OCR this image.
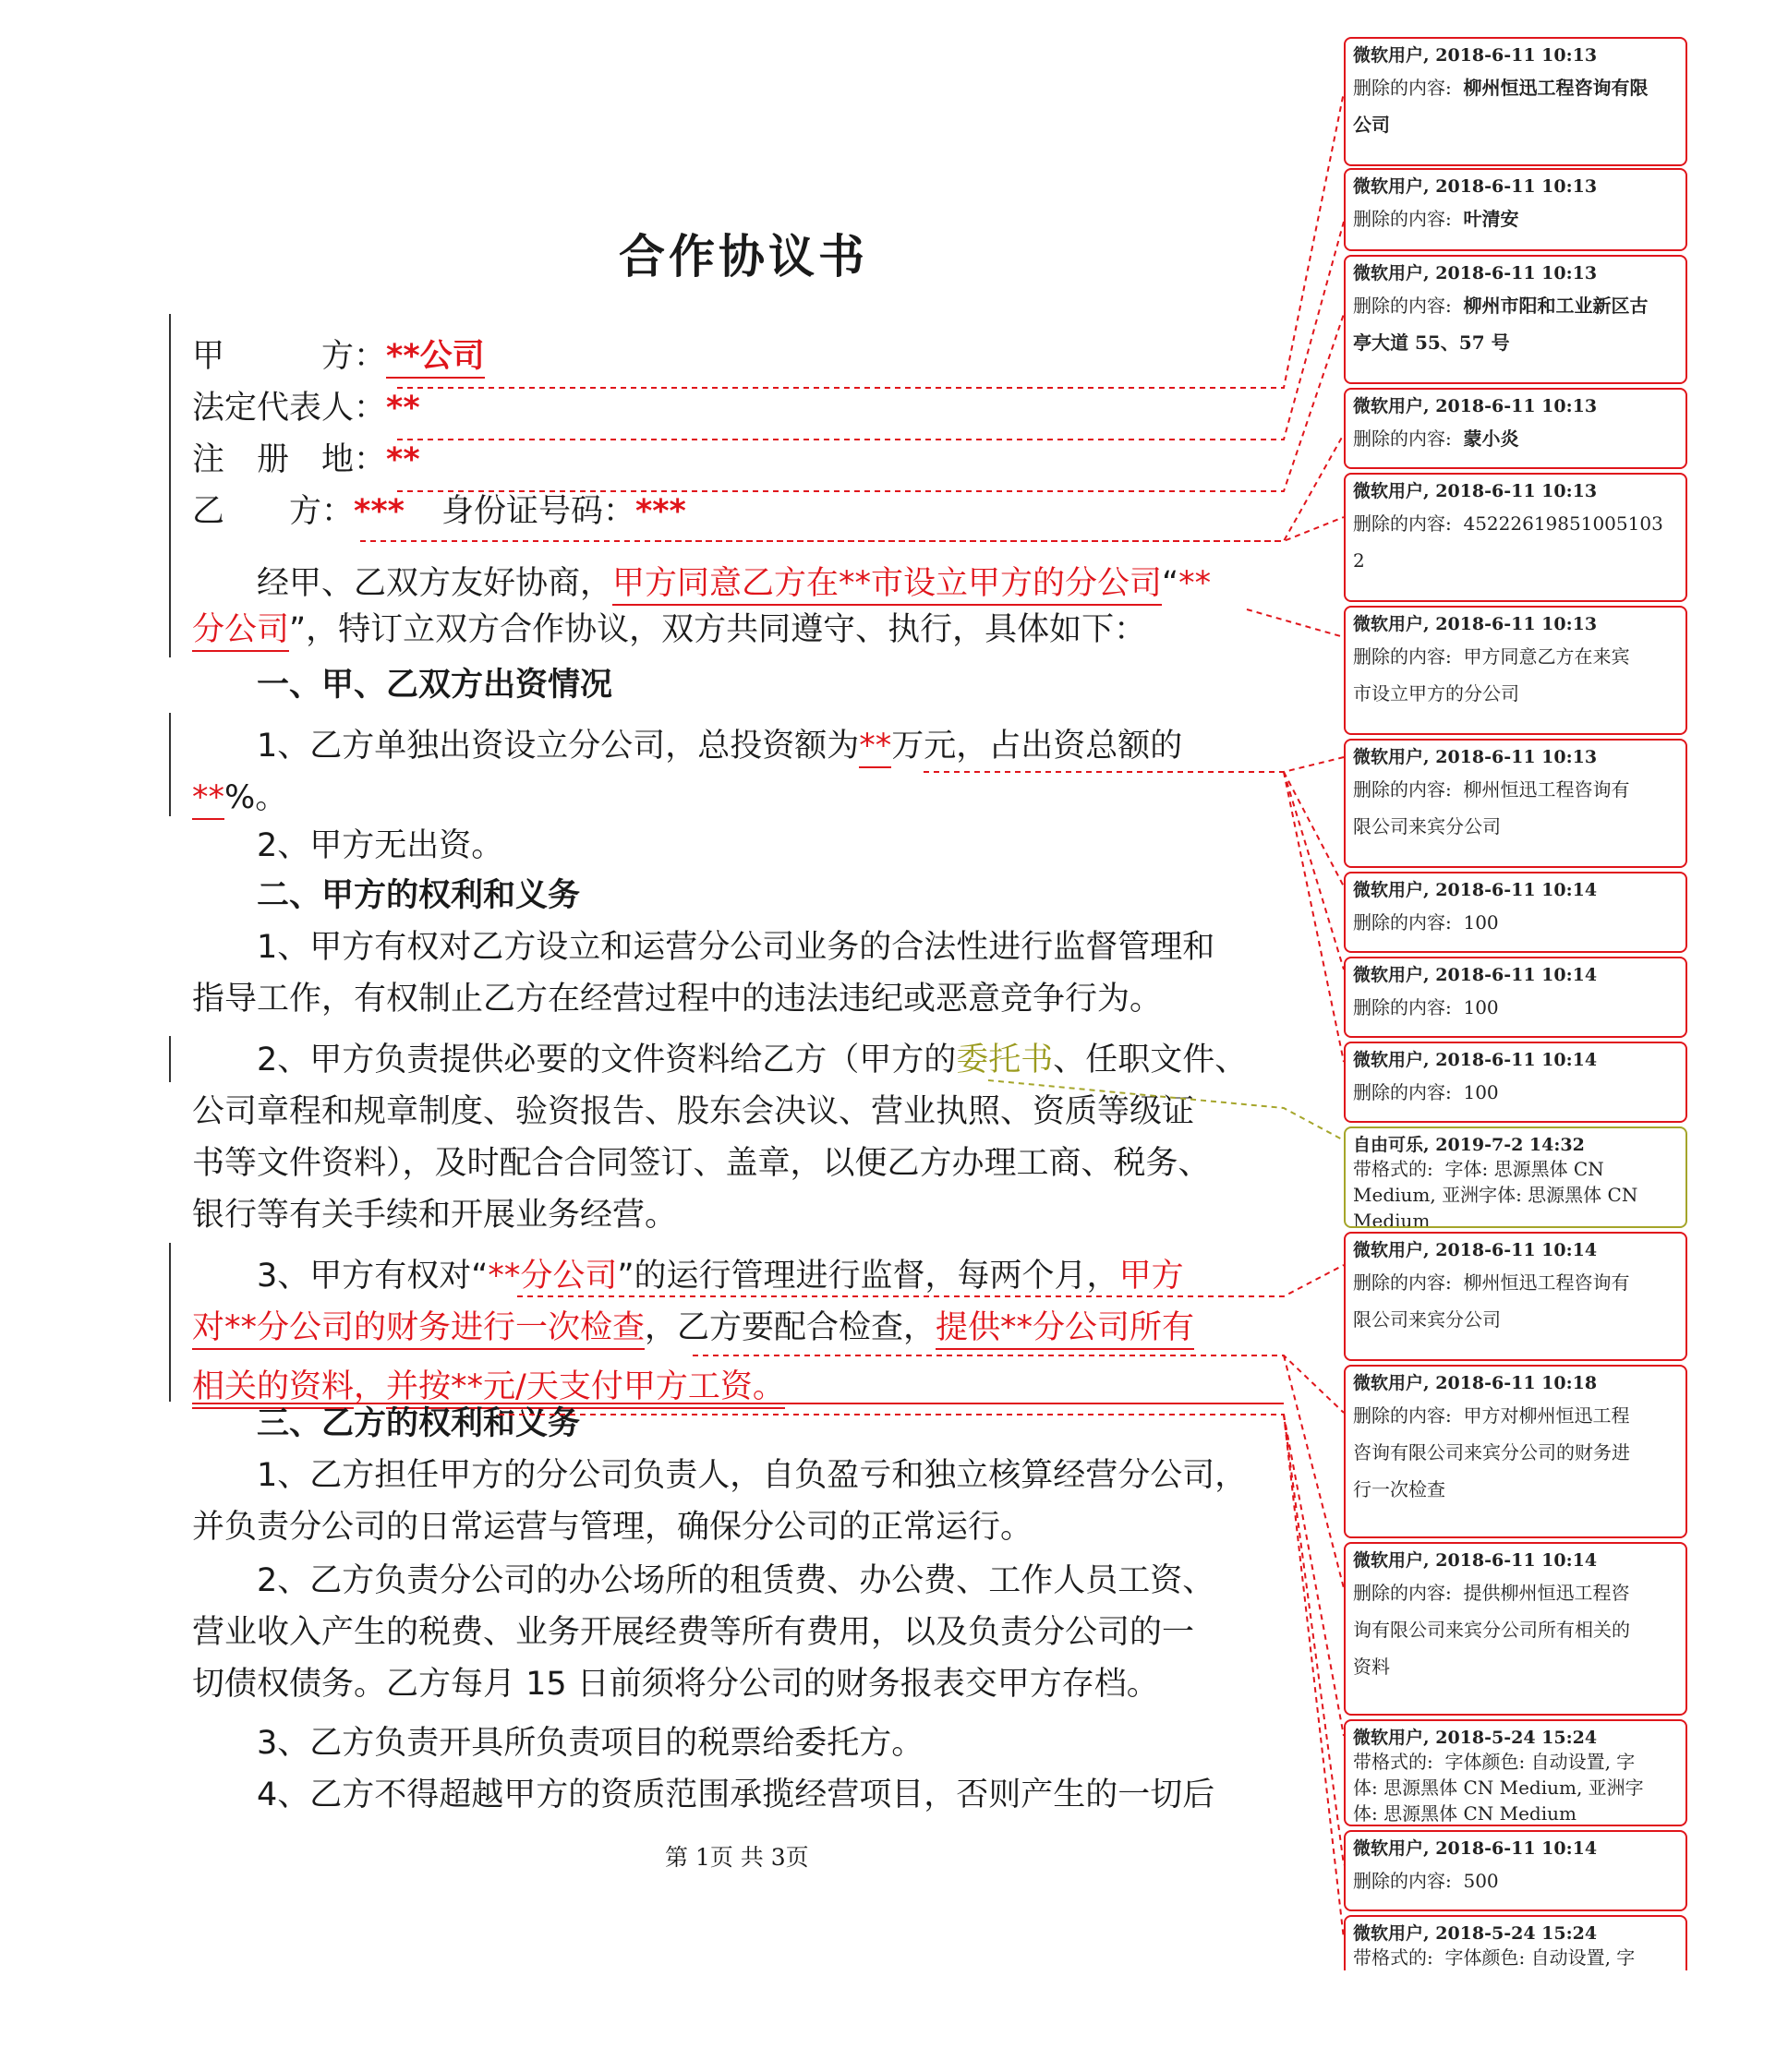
合作协议书
甲　　　方：**公司
法定代表人：**
注　册　地：**
乙　　方：*** 身份证号码：***
经甲、乙双方友好协商，甲方同意乙方在**市设立甲方的分公司“**
分公司”，特订立双方合作协议，双方共同遵守、执行，具体如下：
一、甲、乙双方出资情况
1、乙方单独出资设立分公司，总投资额为**万元，占出资总额的
**%。
2、甲方无出资。
二、甲方的权利和义务
1、甲方有权对乙方设立和运营分公司业务的合法性进行监督管理和
指导工作，有权制止乙方在经营过程中的违法违纪或恶意竞争行为。
2、甲方负责提供必要的文件资料给乙方（甲方的委托书、任职文件、
公司章程和规章制度、验资报告、股东会决议、营业执照、资质等级证
书等文件资料），及时配合合同签订、盖章，以便乙方办理工商、税务、
银行等有关手续和开展业务经营。
3、甲方有权对“**分公司”的运行管理进行监督，每两个月，甲方
对**分公司的财务进行一次检查，乙方要配合检查，提供**分公司所有
相关的资料，并按**元/天支付甲方工资。
三、乙方的权利和义务
1、乙方担任甲方的分公司负责人，自负盈亏和独立核算经营分公司，
并负责分公司的日常运营与管理，确保分公司的正常运行。
2、乙方负责分公司的办公场所的租赁费、办公费、工作人员工资、
营业收入产生的税费、业务开展经费等所有费用，以及负责分公司的一
切债权债务。乙方每月 15 日前须将分公司的财务报表交甲方存档。
3、乙方负责开具所负责项目的税票给委托方。
4、乙方不得超越甲方的资质范围承揽经营项目，否则产生的一切后
第 1页 共 3页
微软用户, 2018-6-11 10:13
删除的内容: 柳州恒迅工程咨询有限
公司
微软用户, 2018-6-11 10:13
删除的内容: 叶清安
微软用户, 2018-6-11 10:13
删除的内容: 柳州市阳和工业新区古
亭大道 55、57 号
微软用户, 2018-6-11 10:13
删除的内容: 蒙小炎
微软用户, 2018-6-11 10:13
删除的内容: 45222619851005103
2
微软用户, 2018-6-11 10:13
删除的内容: 甲方同意乙方在来宾
市设立甲方的分公司
微软用户, 2018-6-11 10:13
删除的内容: 柳州恒迅工程咨询有
限公司来宾分公司
微软用户, 2018-6-11 10:14
删除的内容: 100
微软用户, 2018-6-11 10:14
删除的内容: 100
微软用户, 2018-6-11 10:14
删除的内容: 100
自由可乐, 2019-7-2 14:32
带格式的: 字体: 思源黑体 CN
Medium, 亚洲字体: 思源黑体 CN
Medium
微软用户, 2018-6-11 10:14
删除的内容: 柳州恒迅工程咨询有
限公司来宾分公司
微软用户, 2018-6-11 10:18
删除的内容: 甲方对柳州恒迅工程
咨询有限公司来宾分公司的财务进
行一次检查
微软用户, 2018-6-11 10:14
删除的内容: 提供柳州恒迅工程咨
询有限公司来宾分公司所有相关的
资料
微软用户, 2018-5-24 15:24
带格式的: 字体颜色: 自动设置, 字
体: 思源黑体 CN Medium, 亚洲字
体: 思源黑体 CN Medium
微软用户, 2018-6-11 10:14
删除的内容: 500
微软用户, 2018-5-24 15:24
带格式的: 字体颜色: 自动设置, 字
